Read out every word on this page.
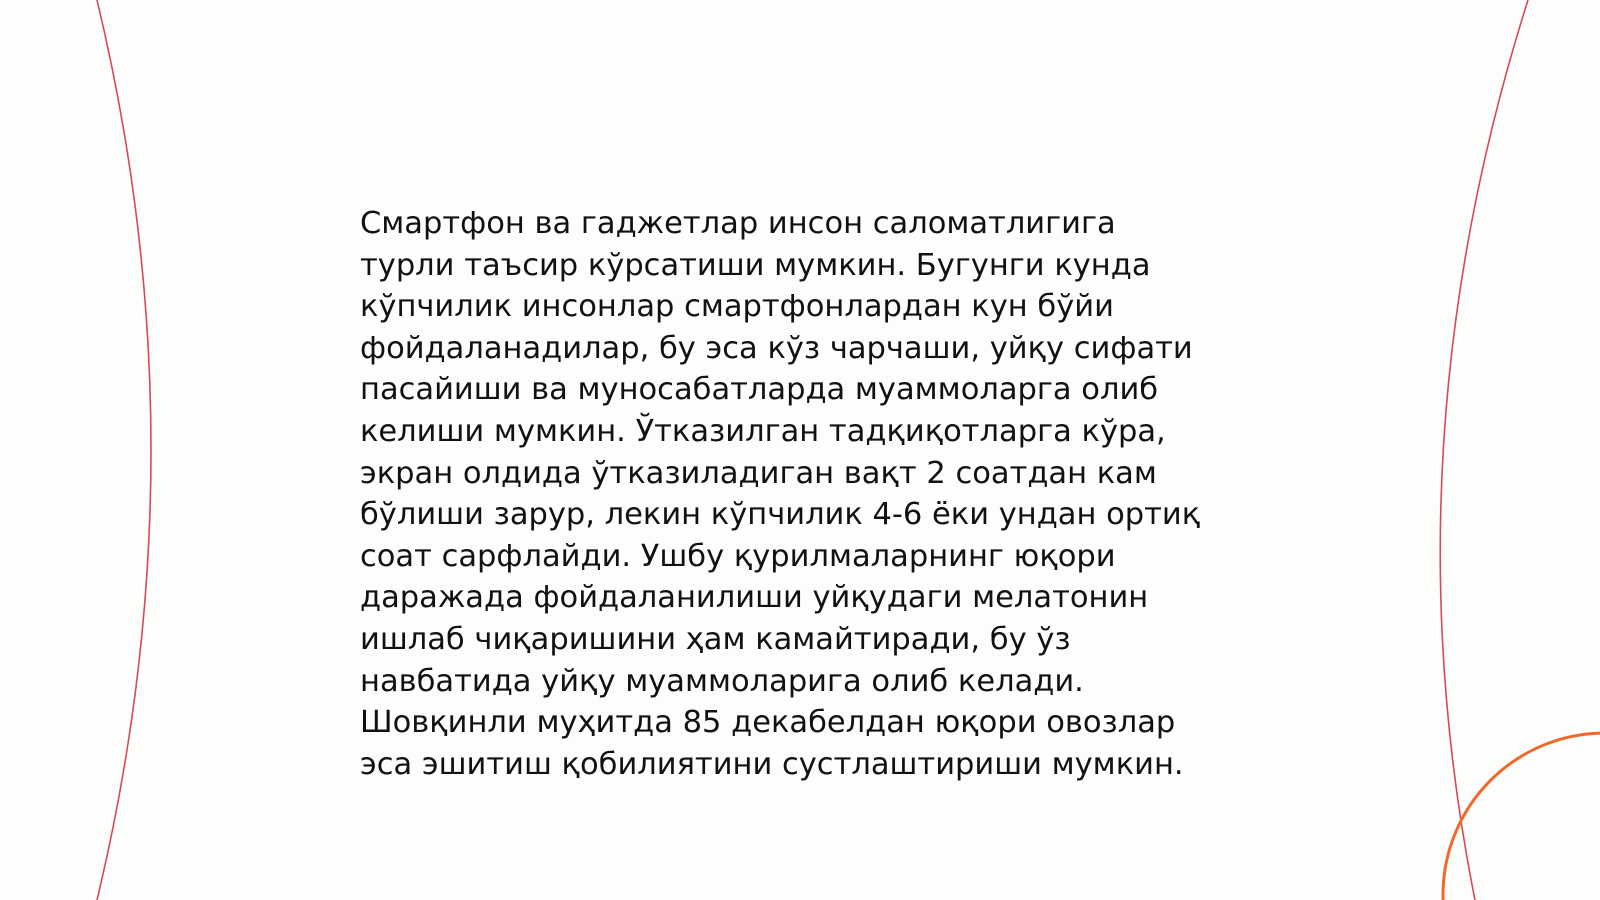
Смартфон ва гаджетлар инсон саломатлигига
турли таъсир кўрсатиши мумкин. Бугунги кунда
кўпчилик инсонлар смартфонлардан кун бўйи
фойдаланадилар, бу эса кўз чарчаши, уйқу сифати
пасайиши ва муносабатларда муаммоларга олиб
келиши мумкин. Ўтказилган тадқиқотларга кўра,
экран олдида ўтказиладиган вақт 2 соатдан кам
бўлиши зарур, лекин кўпчилик 4-6 ёки ундан ортиқ
соат сарфлайди. Ушбу қурилмаларнинг юқори
даражада фойдаланилиши уйқудаги мелатонин
ишлаб чиқаришини ҳам камайтиради, бу ўз
навбатида уйқу муаммоларига олиб келади.
Шовқинли муҳитда 85 декабелдан юқори овозлар
эса эшитиш қобилиятини сустлаштириши мумкин.
